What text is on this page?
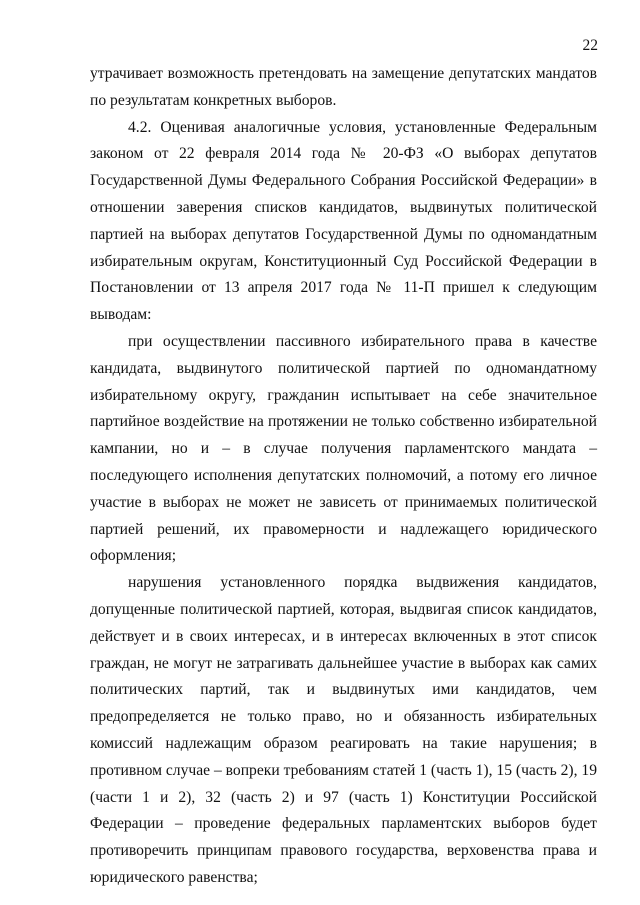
22
утрачивает возможность претендовать на замещение депутатских мандатов
по результатам конкретных выборов.
4.2. Оценивая аналогичные условия, установленные Федеральным
законом от 22 февраля 2014 года № 20-ФЗ «О выборах депутатов
Государственной Думы Федерального Собрания Российской Федерации» в
отношении заверения списков кандидатов, выдвинутых политической
партией на выборах депутатов Государственной Думы по одномандатным
избирательным округам, Конституционный Суд Российской Федерации в
Постановлении от 13 апреля 2017 года № 11-П пришел к следующим
выводам:
при осуществлении пассивного избирательного права в качестве
кандидата, выдвинутого политической партией по одномандатному
избирательному округу, гражданин испытывает на себе значительное
партийное воздействие на протяжении не только собственно избирательной
кампании, но и – в случае получения парламентского мандата –
последующего исполнения депутатских полномочий, а потому его личное
участие в выборах не может не зависеть от принимаемых политической
партией решений, их правомерности и надлежащего юридического
оформления;
нарушения установленного порядка выдвижения кандидатов,
допущенные политической партией, которая, выдвигая список кандидатов,
действует и в своих интересах, и в интересах включенных в этот список
граждан, не могут не затрагивать дальнейшее участие в выборах как самих
политических партий, так и выдвинутых ими кандидатов, чем
предопределяется не только право, но и обязанность избирательных
комиссий надлежащим образом реагировать на такие нарушения; в
противном случае – вопреки требованиям статей 1 (часть 1), 15 (часть 2), 19
(части 1 и 2), 32 (часть 2) и 97 (часть 1) Конституции Российской
Федерации – проведение федеральных парламентских выборов будет
противоречить принципам правового государства, верховенства права и
юридического равенства;
